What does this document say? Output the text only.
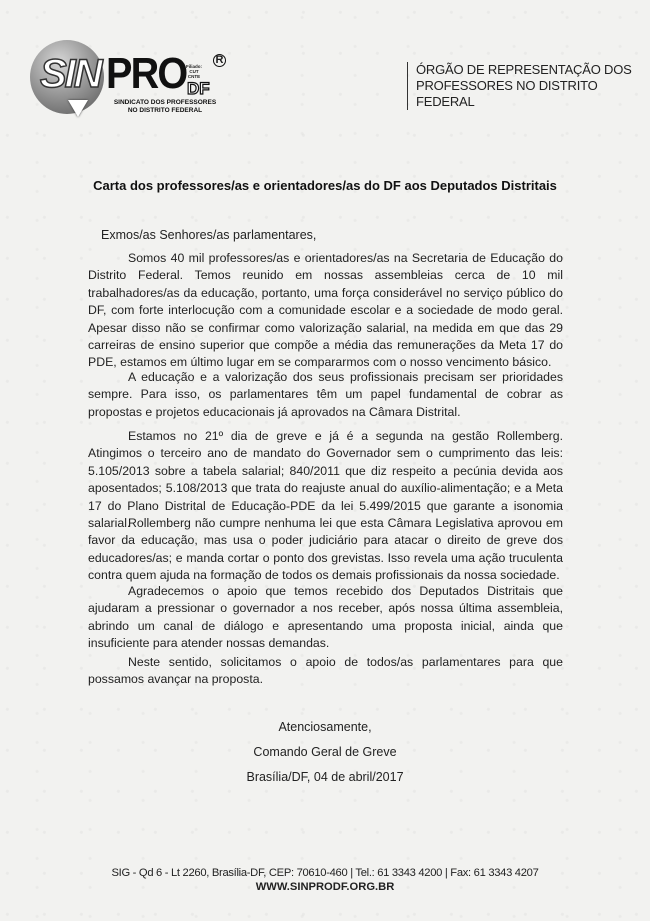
SIN PRO	R
Filiado:
CUT
CNTE
DF
SINDICATO DOS PROFESSORES
NO DISTRITO FEDERAL
ÓRGÃO DE REPRESENTAÇÃO DOS
PROFESSORES NO DISTRITO FEDERAL
Carta dos professores/as e orientadores/as do DF aos Deputados Distritais
Exmos/as Senhores/as parlamentares,

Somos 40 mil professores/as e orientadores/as na Secretaria de Educação do Distrito Federal. Temos reunido em nossas assembleias cerca de 10 mil trabalhadores/as da educação, portanto, uma força considerável no serviço público do DF, com forte interlocução com a comunidade escolar e a sociedade de modo geral. Apesar disso não se confirmar como valorização salarial, na medida em que das 29 carreiras de ensino superior que compõe a média das remunerações da Meta 17 do PDE, estamos em último lugar em se compararmos com o nosso vencimento básico.

A educação e a valorização dos seus profissionais precisam ser prioridades sempre. Para isso, os parlamentares têm um papel fundamental de cobrar as propostas e projetos educacionais já aprovados na Câmara Distrital.

Estamos no 21º dia de greve e já é a segunda na gestão Rollemberg. Atingimos o terceiro ano de mandato do Governador sem o cumprimento das leis: 5.105/2013 sobre a tabela salarial; 840/2011 que diz respeito a pecúnia devida aos aposentados; 5.108/2013 que trata do reajuste anual do auxílio-alimentação; e a Meta 17 do Plano Distrital de Educação-PDE da lei 5.499/2015 que garante a isonomia salarial.

Rollemberg não cumpre nenhuma lei que esta Câmara Legislativa aprovou em favor da educação, mas usa o poder judiciário para atacar o direito de greve dos educadores/as; e manda cortar o ponto dos grevistas. Isso revela uma ação truculenta contra quem ajuda na formação de todos os demais profissionais da nossa sociedade.

Agradecemos o apoio que temos recebido dos Deputados Distritais que ajudaram a pressionar o governador a nos receber, após nossa última assembleia, abrindo um canal de diálogo e apresentando uma proposta inicial, ainda que insuficiente para atender nossas demandas.

Neste sentido, solicitamos o apoio de todos/as parlamentares para que possamos avançar na proposta.

Atenciosamente,
Comando Geral de Greve
Brasília/DF, 04 de abril/2017
SIG - Qd 6 - Lt 2260, Brasília-DF, CEP: 70610-460 | Tel.: 61 3343 4200 | Fax: 61 3343 4207
WWW.SINPRODF.ORG.BR
